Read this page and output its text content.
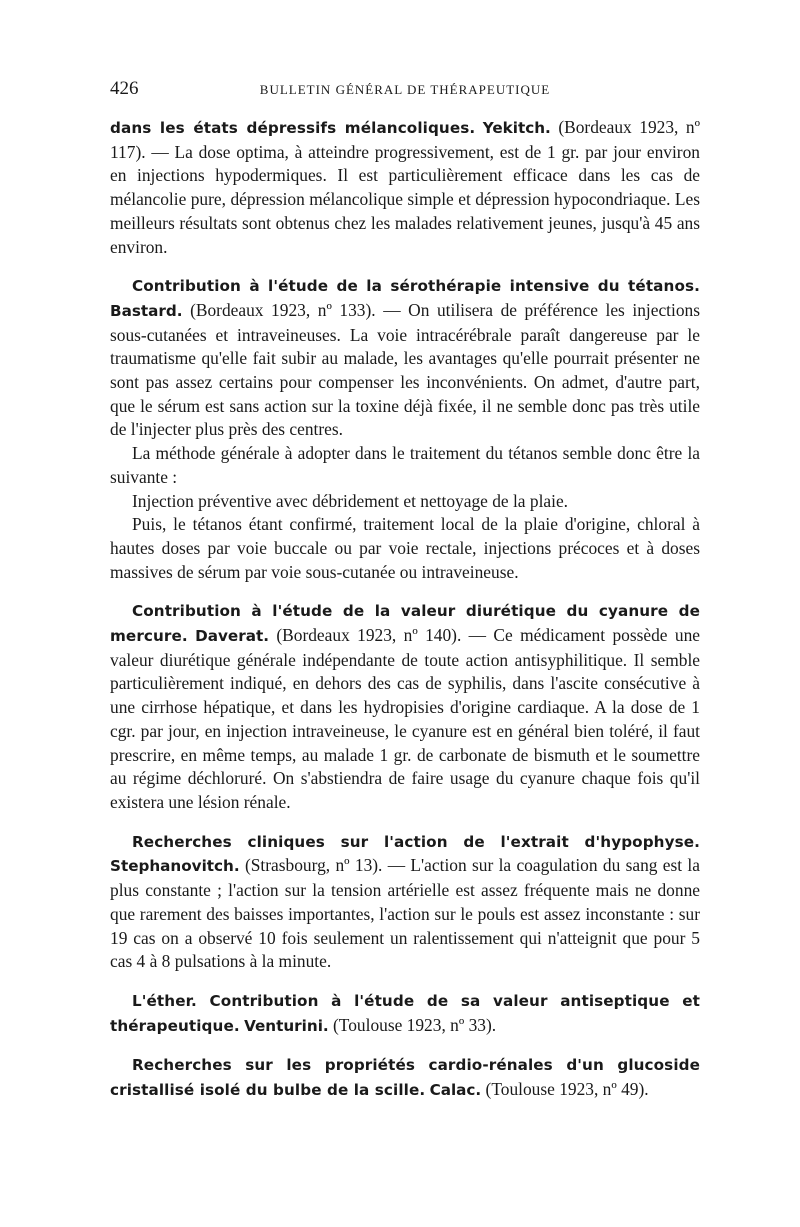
426	BULLETIN GÉNÉRAL DE THÉRAPEUTIQUE

dans les états dépressifs mélancoliques. Yekitch. (Bordeaux 1923, nº 117). — La dose optima, à atteindre progressivement, est de 1 gr. par jour environ en injections hypodermiques. Il est particulièrement efficace dans les cas de mélancolie pure, dépression mélancolique simple et dépression hypocondriaque. Les meilleurs résultats sont obtenus chez les malades relativement jeunes, jusqu'à 45 ans environ.

Contribution à l'étude de la sérothérapie intensive du tétanos. Bastard. (Bordeaux 1923, nº 133). — On utilisera de préférence les injections sous-cutanées et intraveineuses. La voie intracérébrale paraît dangereuse par le traumatisme qu'elle fait subir au malade, les avantages qu'elle pourrait présenter ne sont pas assez certains pour compenser les inconvénients. On admet, d'autre part, que le sérum est sans action sur la toxine déjà fixée, il ne semble donc pas très utile de l'injecter plus près des centres.

La méthode générale à adopter dans le traitement du tétanos semble donc être la suivante :

Injection préventive avec débridement et nettoyage de la plaie.

Puis, le tétanos étant confirmé, traitement local de la plaie d'origine, chloral à hautes doses par voie buccale ou par voie rectale, injections précoces et à doses massives de sérum par voie sous-cutanée ou intraveineuse.

Contribution à l'étude de la valeur diurétique du cyanure de mercure. Daverat. (Bordeaux 1923, nº 140). — Ce médicament possède une valeur diurétique générale indépendante de toute action antisyphilitique. Il semble particulièrement indiqué, en dehors des cas de syphilis, dans l'ascite consécutive à une cirrhose hépatique, et dans les hydropisies d'origine cardiaque. A la dose de 1 cgr. par jour, en injection intraveineuse, le cyanure est en général bien toléré, il faut prescrire, en même temps, au malade 1 gr. de carbonate de bismuth et le soumettre au régime déchloruré. On s'abstiendra de faire usage du cyanure chaque fois qu'il existera une lésion rénale.

Recherches cliniques sur l'action de l'extrait d'hypophyse. Stephanovitch. (Strasbourg, nº 13). — L'action sur la coagulation du sang est la plus constante ; l'action sur la tension artérielle est assez fréquente mais ne donne que rarement des baisses importantes, l'action sur le pouls est assez inconstante : sur 19 cas on a observé 10 fois seulement un ralentissement qui n'atteignit que pour 5 cas 4 à 8 pulsations à la minute.

L'éther. Contribution à l'étude de sa valeur antiseptique et thérapeutique. Venturini. (Toulouse 1923, nº 33).

Recherches sur les propriétés cardio-rénales d'un glucoside cristallisé isolé du bulbe de la scille. Calac. (Toulouse 1923, nº 49).
